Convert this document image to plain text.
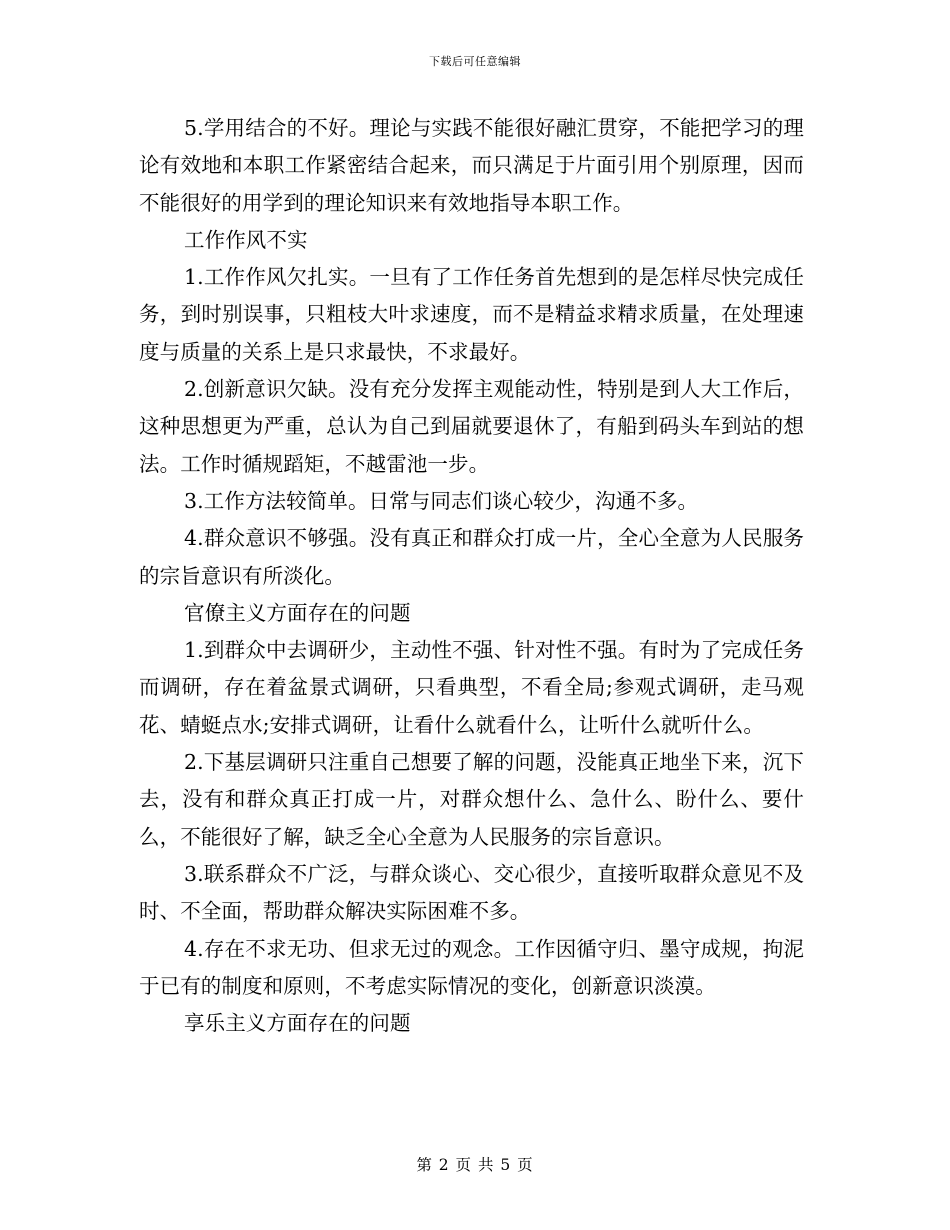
下载后可任意编辑

5.学用结合的不好。理论与实践不能很好融汇贯穿，不能把学习的理论有效地和本职工作紧密结合起来，而只满足于片面引用个别原理，因而不能很好的用学到的理论知识来有效地指导本职工作。

工作作风不实

1.工作作风欠扎实。一旦有了工作任务首先想到的是怎样尽快完成任务，到时别误事，只粗枝大叶求速度，而不是精益求精求质量，在处理速度与质量的关系上是只求最快，不求最好。

2.创新意识欠缺。没有充分发挥主观能动性，特别是到人大工作后，这种思想更为严重，总认为自己到届就要退休了，有船到码头车到站的想法。工作时循规蹈矩，不越雷池一步。

3.工作方法较简单。日常与同志们谈心较少，沟通不多。

4.群众意识不够强。没有真正和群众打成一片，全心全意为人民服务的宗旨意识有所淡化。

官僚主义方面存在的问题

1.到群众中去调研少，主动性不强、针对性不强。有时为了完成任务而调研，存在着盆景式调研，只看典型，不看全局;参观式调研，走马观花、蜻蜓点水;安排式调研，让看什么就看什么，让听什么就听什么。

2.下基层调研只注重自己想要了解的问题，没能真正地坐下来，沉下去，没有和群众真正打成一片，对群众想什么、急什么、盼什么、要什么，不能很好了解，缺乏全心全意为人民服务的宗旨意识。

3.联系群众不广泛，与群众谈心、交心很少，直接听取群众意见不及时、不全面，帮助群众解决实际困难不多。

4.存在不求无功、但求无过的观念。工作因循守归、墨守成规，拘泥于已有的制度和原则，不考虑实际情况的变化，创新意识淡漠。

享乐主义方面存在的问题

第 2 页 共 5 页
